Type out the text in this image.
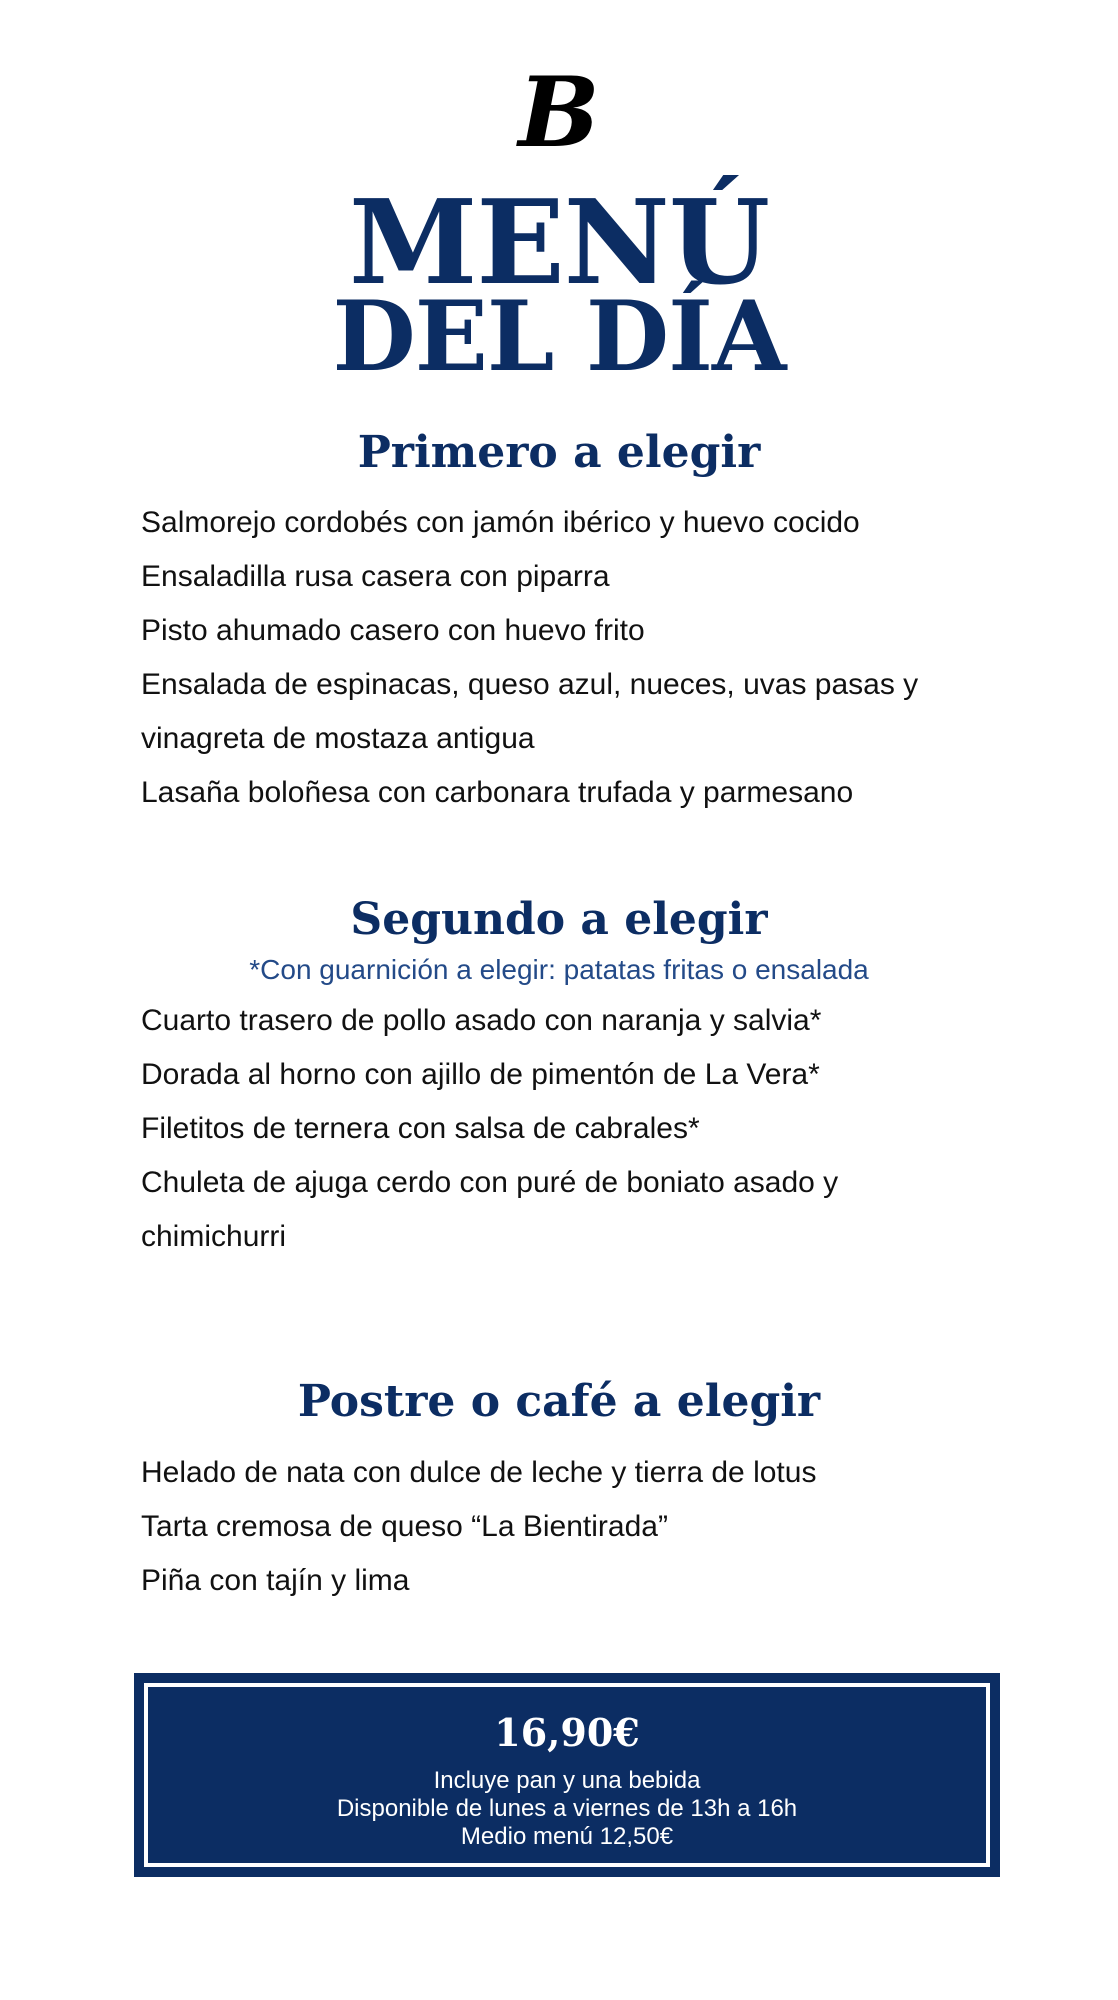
B
MENÚ
DEL DÍA
Primero a elegir
Salmorejo cordobés con jamón ibérico y huevo cocido
Ensaladilla rusa casera con piparra
Pisto ahumado casero con huevo frito
Ensalada de espinacas, queso azul, nueces, uvas pasas y
vinagreta de mostaza antigua
Lasaña boloñesa con carbonara trufada y parmesano
Segundo a elegir
*Con guarnición a elegir: patatas fritas o ensalada
Cuarto trasero de pollo asado con naranja y salvia*
Dorada al horno con ajillo de pimentón de La Vera*
Filetitos de ternera con salsa de cabrales*
Chuleta de ajuga cerdo con puré de boniato asado y
chimichurri
Postre o café a elegir
Helado de nata con dulce de leche y tierra de lotus
Tarta cremosa de queso “La Bientirada”
Piña con tajín y lima
16,90€
Incluye pan y una bebida
Disponible de lunes a viernes de 13h a 16h
Medio menú 12,50€
